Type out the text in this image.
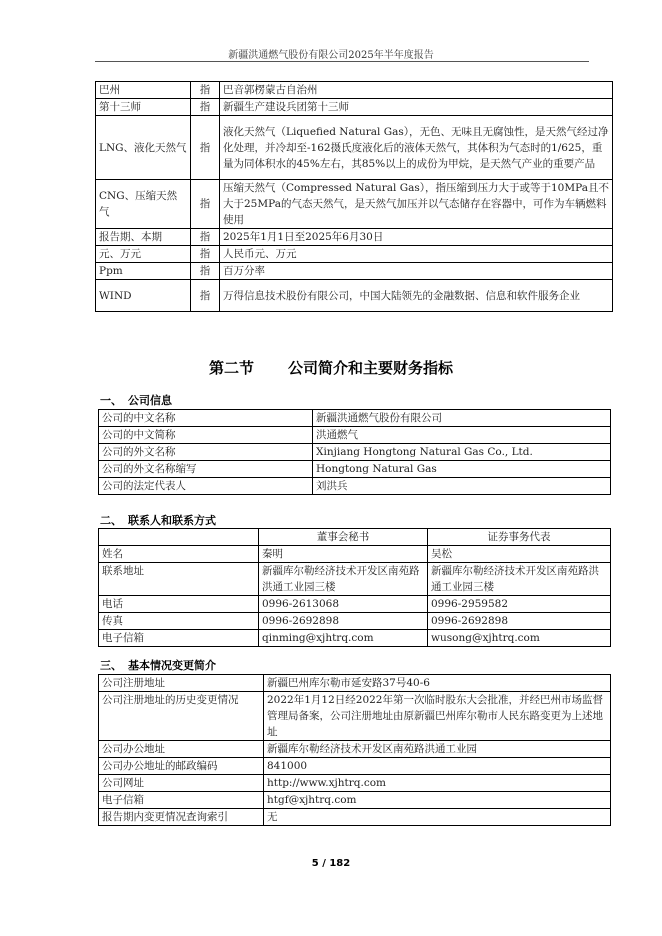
新疆洪通燃气股份有限公司2025年半年度报告
巴州	指	巴音郭楞蒙古自治州
第十三师	指	新疆生产建设兵团第十三师
LNG、液化天然气	指	液化天然气（Liquefied Natural Gas），无色、无味且无腐蚀性，是天然气经过净化处理，并冷却至-162摄氏度液化后的液体天然气，其体积为气态时的1/625，重量为同体积水的45%左右，其85%以上的成份为甲烷，是天然气产业的重要产品
CNG、压缩天然气	指	压缩天然气（Compressed Natural Gas），指压缩到压力大于或等于10MPa且不大于25MPa的气态天然气，是天然气加压并以气态储存在容器中，可作为车辆燃料使用
报告期、本期	指	2025年1月1日至2025年6月30日
元、万元	指	人民币元、万元
Ppm	指	百万分率
WIND	指	万得信息技术股份有限公司，中国大陆领先的金融数据、信息和软件服务企业
第二节 公司简介和主要财务指标
一、 公司信息
公司的中文名称	新疆洪通燃气股份有限公司
公司的中文简称	洪通燃气
公司的外文名称	Xinjiang Hongtong Natural Gas Co., Ltd.
公司的外文名称缩写	Hongtong Natural Gas
公司的法定代表人	刘洪兵
二、 联系人和联系方式
	董事会秘书	证券事务代表
姓名	秦明	吴松
联系地址	新疆库尔勒经济技术开发区南苑路洪通工业园三楼	新疆库尔勒经济技术开发区南苑路洪通工业园三楼
电话	0996-2613068	0996-2959582
传真	0996-2692898	0996-2692898
电子信箱	qinming@xjhtrq.com	wusong@xjhtrq.com
三、 基本情况变更简介
公司注册地址	新疆巴州库尔勒市延安路37号40-6
公司注册地址的历史变更情况	2022年1月12日经2022年第一次临时股东大会批准，并经巴州市场监督管理局备案，公司注册地址由原新疆巴州库尔勒市人民东路变更为上述地址
公司办公地址	新疆库尔勒经济技术开发区南苑路洪通工业园
公司办公地址的邮政编码	841000
公司网址	http://www.xjhtrq.com
电子信箱	htgf@xjhtrq.com
报告期内变更情况查询索引	无
5 / 182
